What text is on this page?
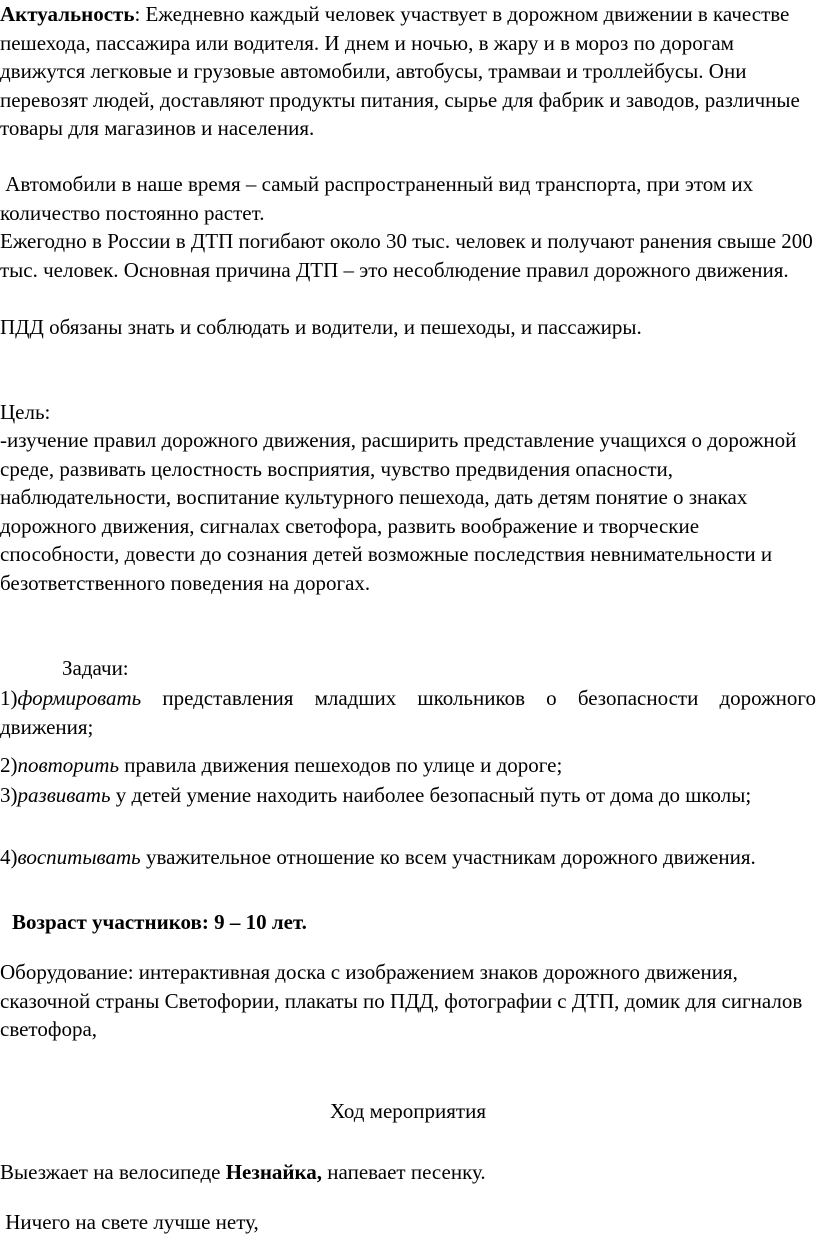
Актуальность: Ежедневно каждый человек участвует в дорожном движении в качестве пешехода, пассажира или водителя. И днем и ночью, в жару и в мороз по дорогам движутся легковые и грузовые автомобили, автобусы, трамваи и троллейбусы. Они перевозят людей, доставляют продукты питания, сырье для фабрик и заводов, различные товары для магазинов и населения.

Автомобили в наше время – самый распространенный вид транспорта, при этом их количество постоянно растет.

Ежегодно в России в ДТП погибают около 30 тыс. человек и получают ранения свыше 200 тыс. человек. Основная причина ДТП – это несоблюдение правил дорожного движения.

ПДД обязаны знать и соблюдать и водители, и пешеходы, и пассажиры.

Цель:

-изучение правил дорожного движения, расширить представление учащихся о дорожной среде, развивать целостность восприятия, чувство предвидения опасности, наблюдательности, воспитание культурного пешехода, дать детям понятие о знаках дорожного движения, сигналах светофора, развить воображение и творческие способности, довести до сознания детей возможные последствия невнимательности и безответственного поведения на дорогах.

Задачи:

1)формировать представления младших школьников о безопасности дорожного движения;

2)повторить правила движения пешеходов по улице и дороге;

3)развивать у детей умение находить наиболее безопасный путь от дома до школы;

4)воспитывать уважительное отношение ко всем участникам дорожного движения.

Возраст участников: 9 – 10 лет.

Оборудование: интерактивная доска с изображением знаков дорожного движения, сказочной страны Светофории, плакаты по ПДД, фотографии с ДТП, домик для сигналов светофора,

Ход мероприятия

Выезжает на велосипеде Незнайка, напевает песенку.

Ничего на свете лучше нету,
